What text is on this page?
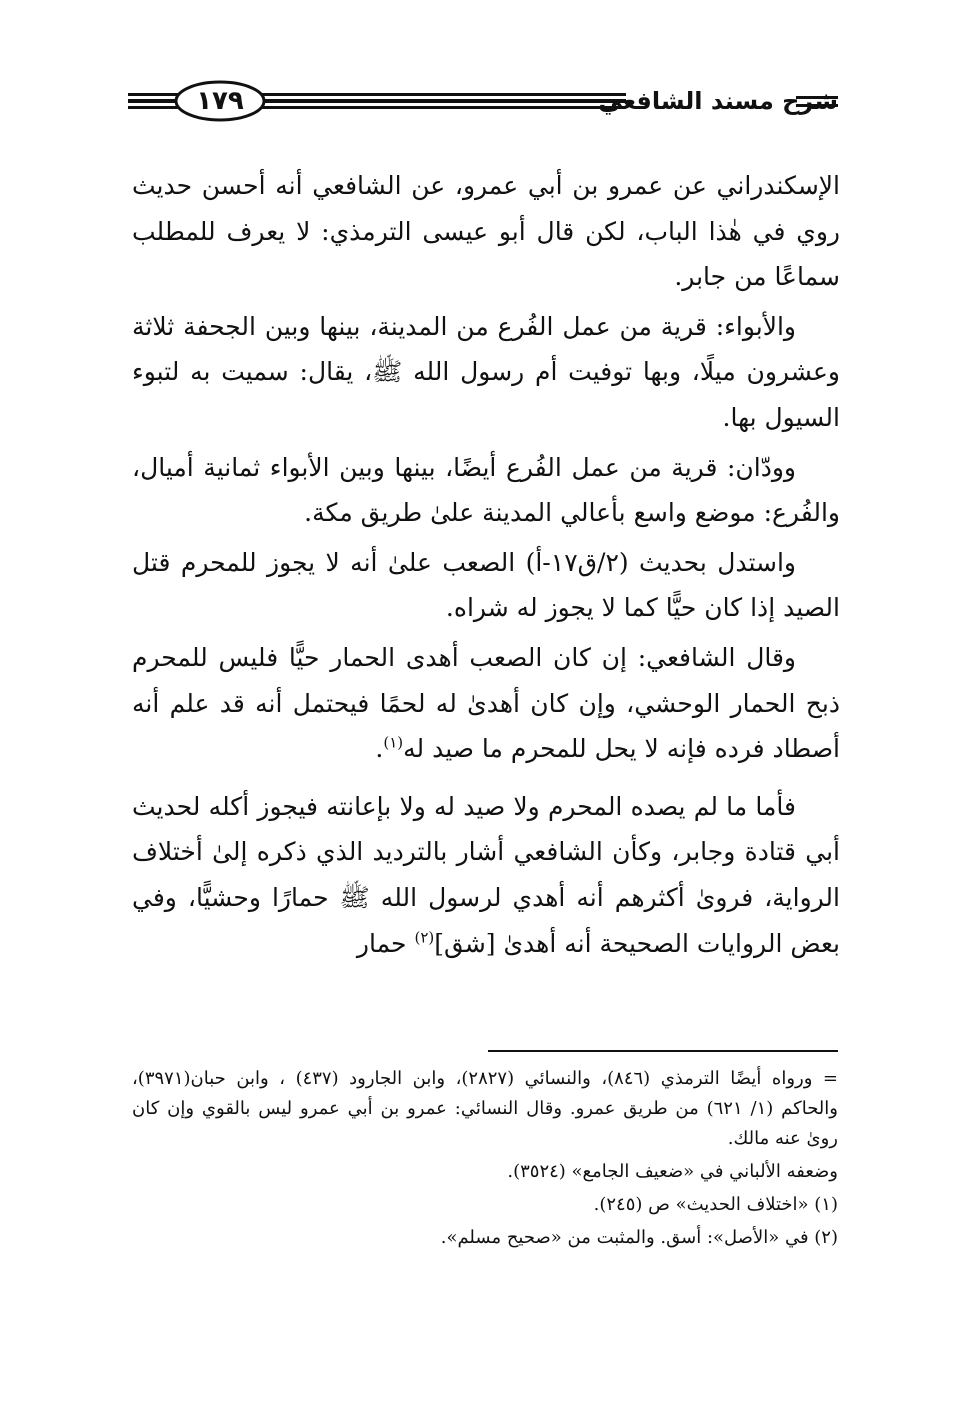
١٧٩	شرح مسند الشافعي

الإسكندراني عن عمرو بن أبي عمرو، عن الشافعي أنه أحسن حديث روي في هٰذا الباب، لكن قال أبو عيسى الترمذي: لا يعرف للمطلب سماعًا من جابر.

والأبواء: قرية من عمل الفُرع من المدينة، بينها وبين الجحفة ثلاثة وعشرون ميلًا، وبها توفيت أم رسول الله ﷺ، يقال: سميت به لتبوء السيول بها.

وودّان: قرية من عمل الفُرع أيضًا، بينها وبين الأبواء ثمانية أميال، والفُرع: موضع واسع بأعالي المدينة علىٰ طريق مكة.

واستدل بحديث (٢/ق١٧-أ) الصعب علىٰ أنه لا يجوز للمحرم قتل الصيد إذا كان حيًّا كما لا يجوز له شراه.

وقال الشافعي: إن كان الصعب أهدى الحمار حيًّا فليس للمحرم ذبح الحمار الوحشي، وإن كان أهدىٰ له لحمًا فيحتمل أنه قد علم أنه أصطاد فرده فإنه لا يحل للمحرم ما صيد له$^{(١)}$.

فأما ما لم يصده المحرم ولا صيد له ولا بإعانته فيجوز أكله لحديث أبي قتادة وجابر، وكأن الشافعي أشار بالترديد الذي ذكره إلىٰ أختلاف الرواية، فروىٰ أكثرهم أنه أهدي لرسول الله ﷺ حمارًا وحشيًّا، وفي بعض الروايات الصحيحة أنه أهدىٰ [شق]$^{(٢)}$ حمار

= ورواه أيضًا الترمذي (٨٤٦)، والنسائي (٢٨٢٧)، وابن الجارود (٤٣٧) ، وابن حبان(٣٩٧١)، والحاكم (١/ ٦٢١) من طريق عمرو. وقال النسائي: عمرو بن أبي عمرو ليس بالقوي وإن كان روىٰ عنه مالك.

وضعفه الألباني في «ضعيف الجامع» (٣٥٢٤).

(١) «اختلاف الحديث» ص (٢٤٥).

(٢) في «الأصل»: أسق. والمثبت من «صحيح مسلم».
